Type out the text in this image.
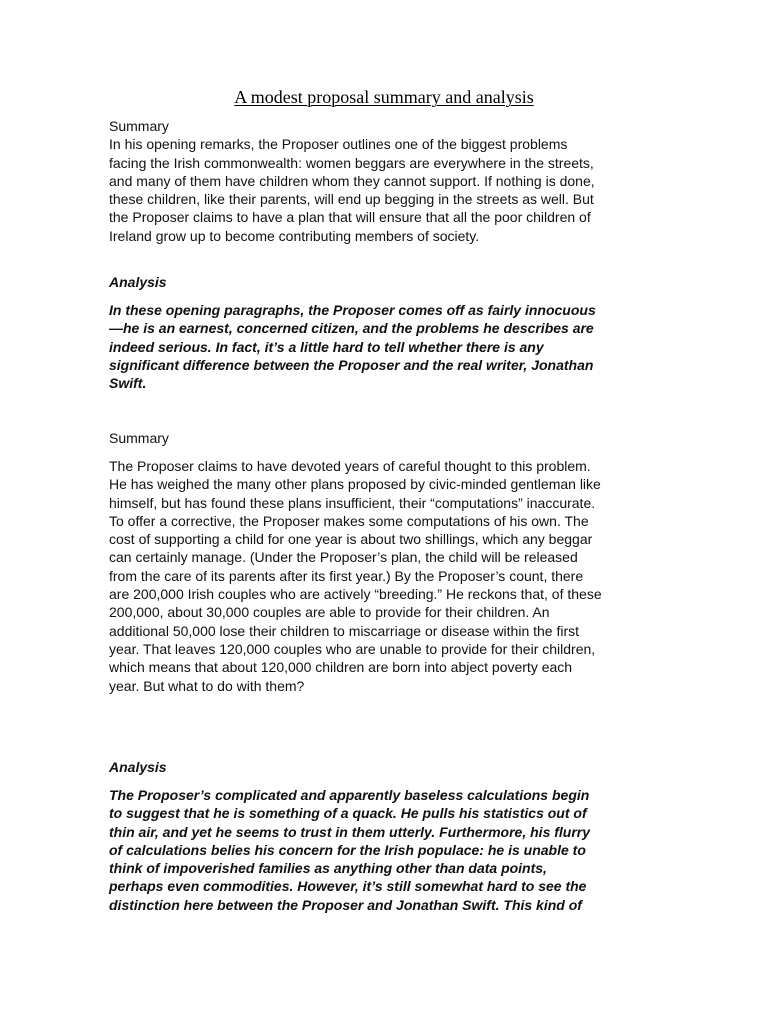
A modest proposal summary and analysis
Summary
In his opening remarks, the Proposer outlines one of the biggest problems
facing the Irish commonwealth: women beggars are everywhere in the streets,
and many of them have children whom they cannot support. If nothing is done,
these children, like their parents, will end up begging in the streets as well. But
the Proposer claims to have a plan that will ensure that all the poor children of
Ireland grow up to become contributing members of society.
Analysis
In these opening paragraphs, the Proposer comes off as fairly innocuous
—he is an earnest, concerned citizen, and the problems he describes are
indeed serious. In fact, it’s a little hard to tell whether there is any
significant difference between the Proposer and the real writer, Jonathan
Swift.
Summary
The Proposer claims to have devoted years of careful thought to this problem.
He has weighed the many other plans proposed by civic-minded gentleman like
himself, but has found these plans insufficient, their “computations” inaccurate.
To offer a corrective, the Proposer makes some computations of his own. The
cost of supporting a child for one year is about two shillings, which any beggar
can certainly manage. (Under the Proposer’s plan, the child will be released
from the care of its parents after its first year.) By the Proposer’s count, there
are 200,000 Irish couples who are actively “breeding.” He reckons that, of these
200,000, about 30,000 couples are able to provide for their children. An
additional 50,000 lose their children to miscarriage or disease within the first
year. That leaves 120,000 couples who are unable to provide for their children,
which means that about 120,000 children are born into abject poverty each
year. But what to do with them?
Analysis
The Proposer’s complicated and apparently baseless calculations begin
to suggest that he is something of a quack. He pulls his statistics out of
thin air, and yet he seems to trust in them utterly. Furthermore, his flurry
of calculations belies his concern for the Irish populace: he is unable to
think of impoverished families as anything other than data points,
perhaps even commodities. However, it’s still somewhat hard to see the
distinction here between the Proposer and Jonathan Swift. This kind of
